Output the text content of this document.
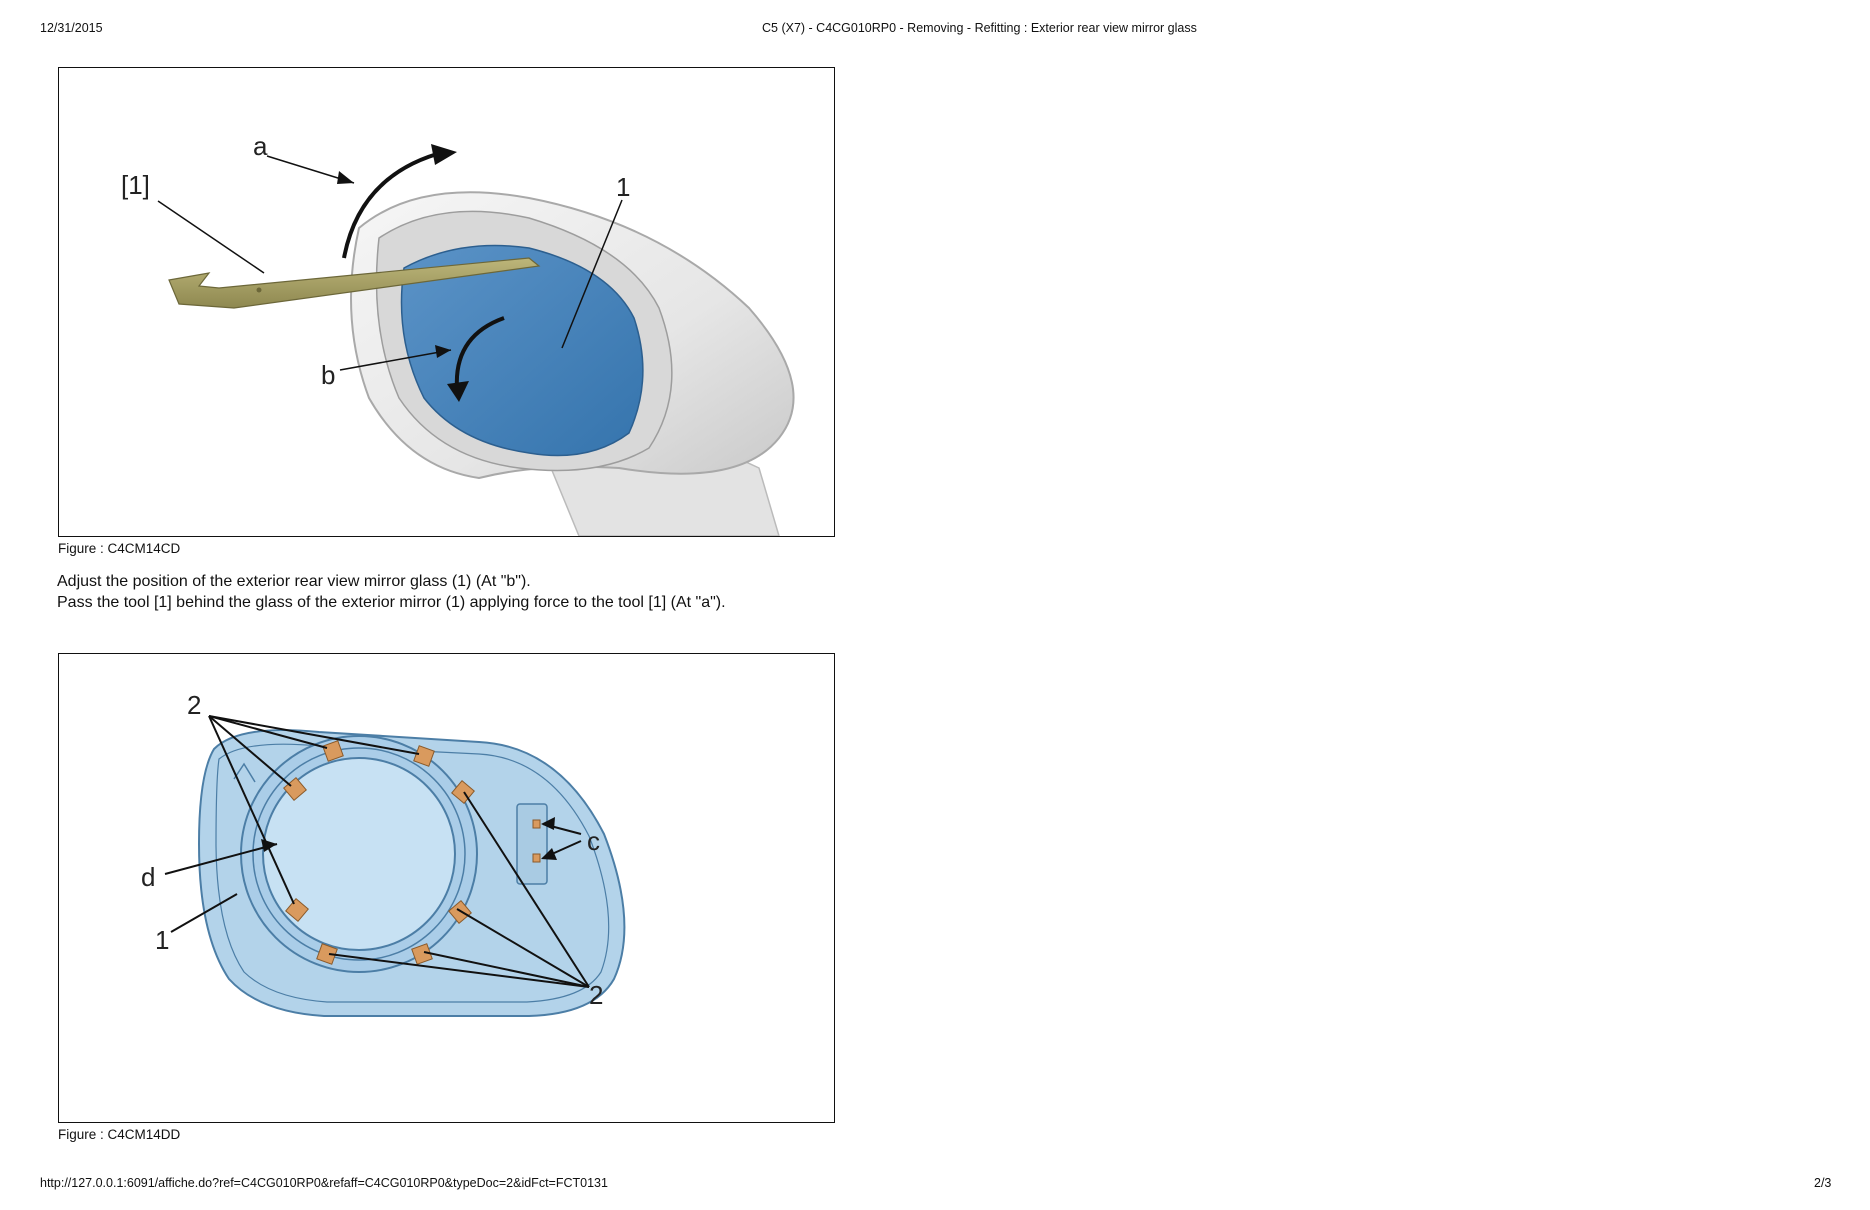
12/31/2015	C5 (X7) - C4CG010RP0 - Removing - Refitting : Exterior rear view mirror glass
a
[1]
b
1
Figure : C4CM14CD
Adjust the position of the exterior rear view mirror glass (1) (At "b").
Pass the tool [1] behind the glass of the exterior mirror (1) applying force to the tool [1] (At "a").
2
2
c
d
1
Figure : C4CM14DD
http://127.0.0.1:6091/affiche.do?ref=C4CG010RP0&refaff=C4CG010RP0&typeDoc=2&idFct=FCT0131	2/3
